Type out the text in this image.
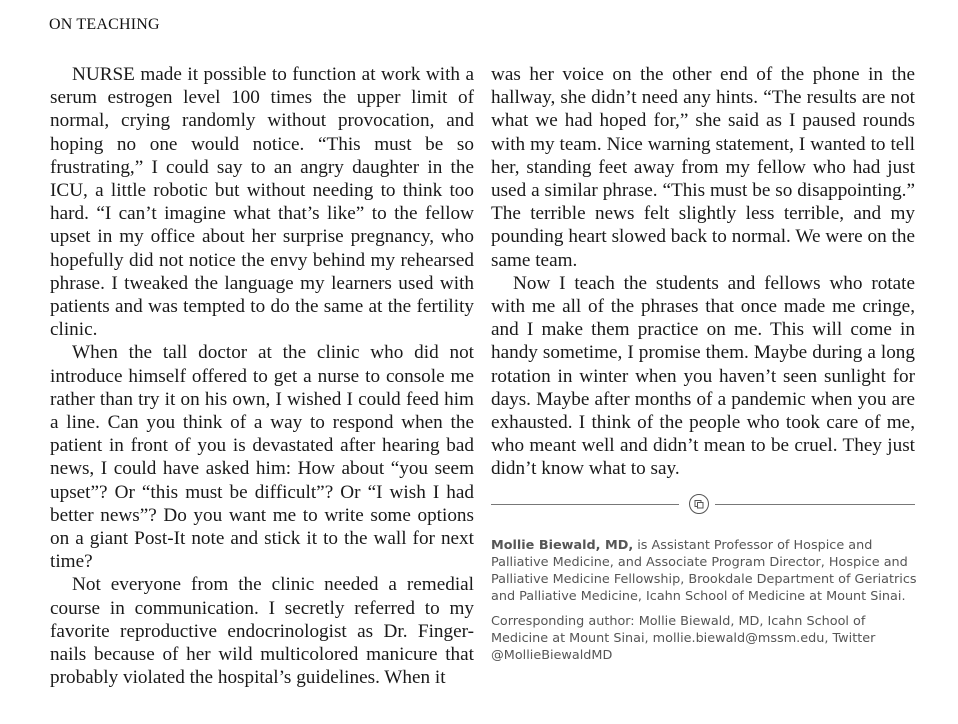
ON TEACHING

NURSE made it possible to function at work with a serum estrogen level 100 times the upper limit of normal, crying randomly without provocation, and hoping no one would notice. “This must be so frustrating,” I could say to an angry daughter in the ICU, a little robotic but without needing to think too hard. “I can’t imagine what that’s like” to the fellow upset in my office about her surprise pregnancy, who hopefully did not notice the envy behind my rehearsed phrase. I tweaked the language my learners used with patients and was tempted to do the same at the fertility clinic.

When the tall doctor at the clinic who did not introduce himself offered to get a nurse to console me rather than try it on his own, I wished I could feed him a line. Can you think of a way to respond when the patient in front of you is devastated after hearing bad news, I could have asked him: How about “you seem upset”? Or “this must be difficult”? Or “I wish I had better news”? Do you want me to write some options on a giant Post-It note and stick it to the wall for next time?

Not everyone from the clinic needed a remedial course in communication. I secretly referred to my favorite reproductive endocrinologist as Dr. Finger-nails because of her wild multicolored manicure that probably violated the hospital’s guidelines. When it

was her voice on the other end of the phone in the hallway, she didn’t need any hints. “The results are not what we had hoped for,” she said as I paused rounds with my team. Nice warning statement, I wanted to tell her, standing feet away from my fellow who had just used a similar phrase. “This must be so disappointing.” The terrible news felt slightly less terrible, and my pounding heart slowed back to normal. We were on the same team.

Now I teach the students and fellows who rotate with me all of the phrases that once made me cringe, and I make them practice on me. This will come in handy sometime, I promise them. Maybe during a long rotation in winter when you haven’t seen sunlight for days. Maybe after months of a pandemic when you are exhausted. I think of the people who took care of me, who meant well and didn’t mean to be cruel. They just didn’t know what to say.

Mollie Biewald, MD, is Assistant Professor of Hospice and Palliative Medicine, and Associate Program Director, Hospice and Palliative Medicine Fellowship, Brookdale Department of Geriatrics and Palliative Medicine, Icahn School of Medicine at Mount Sinai.

Corresponding author: Mollie Biewald, MD, Icahn School of Medicine at Mount Sinai, mollie.biewald@mssm.edu, Twitter @MollieBiewaldMD
